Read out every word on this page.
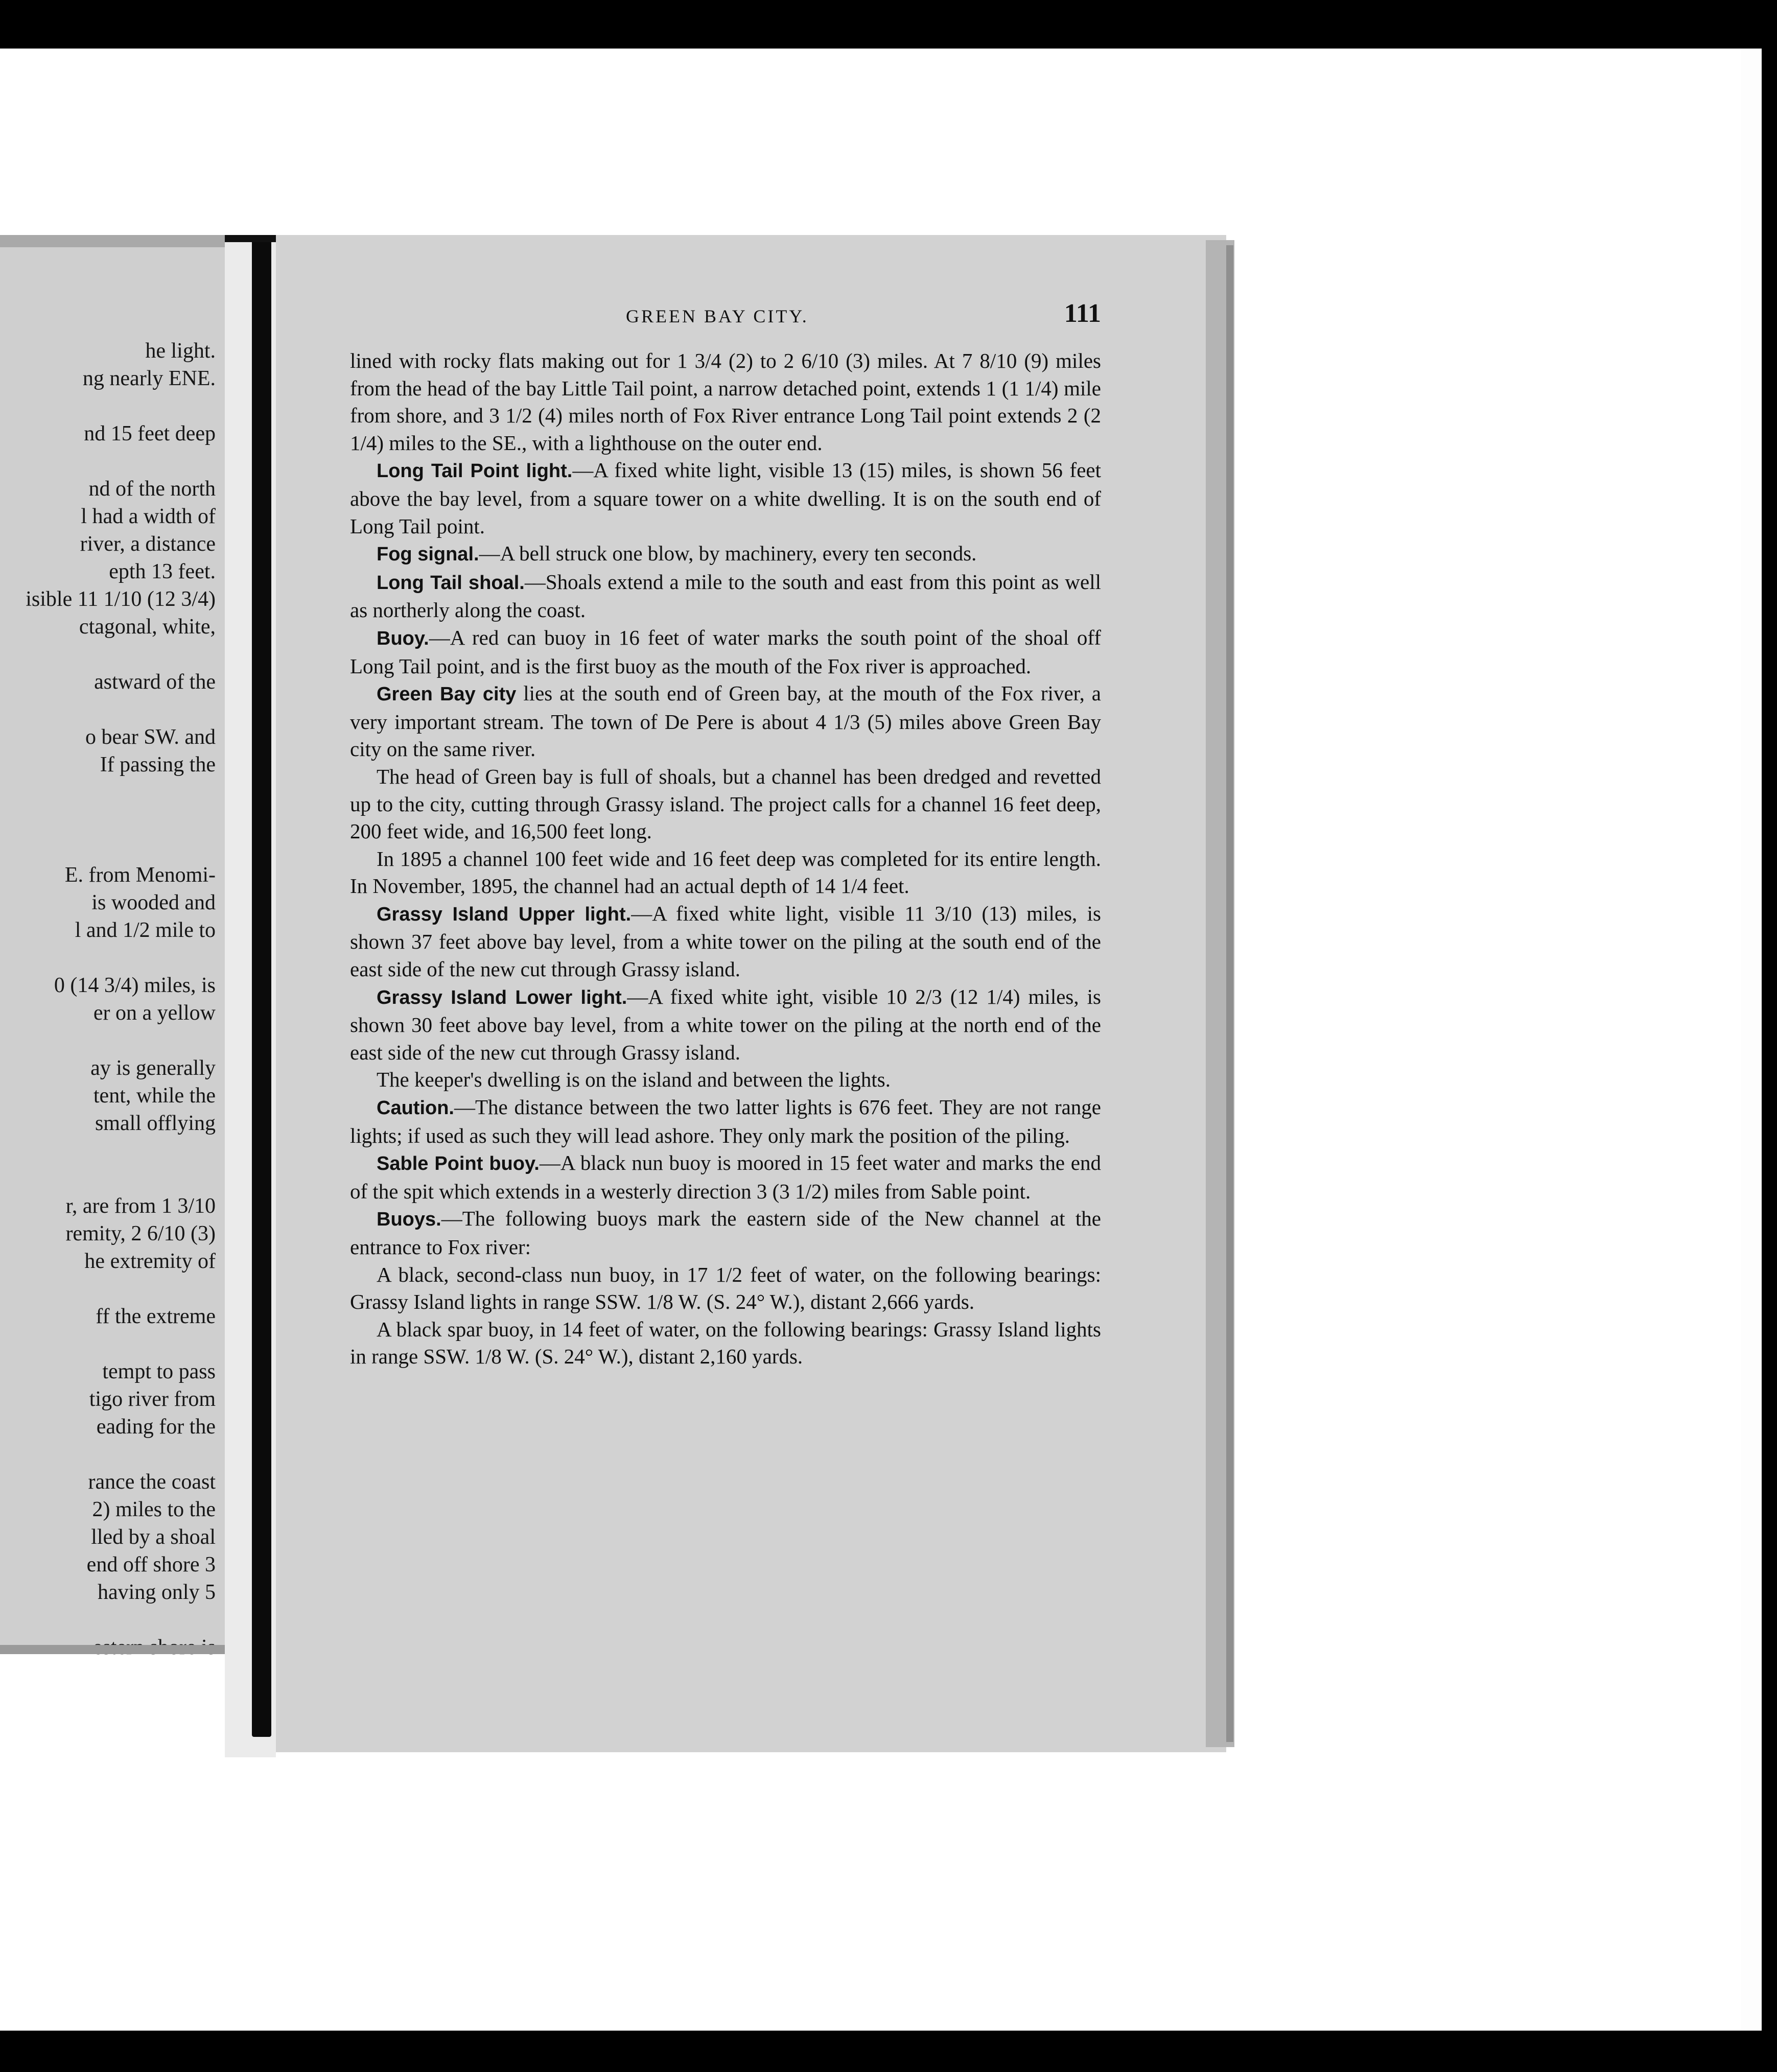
he light.
ng nearly ENE.
nd 15 feet deep
nd of the north
l had a width of
river, a distance
epth 13 feet.
isible 11 1/10 (12 3/4)
ctagonal, white,
astward of the
o bear SW. and
If passing the
E. from Menomi-
is wooded and
l and 1/2 mile to
0 (14 3/4) miles, is
er on a yellow
ay is generally
tent, while the
small offlying
r, are from 1 3/10
remity, 2 6/10 (3)
he extremity of
ff the extreme
tempt to pass
tigo river from
eading for the
rance the coast
2) miles to the
lled by a shoal
end off shore 3
having only 5
GREEN BAY CITY.	111

lined with rocky flats making out for 1 3/4 (2) to 2 6/10 (3) miles. At 7 8/10 (9) miles from the head of the bay Little Tail point, a narrow detached point, extends 1 (1 1/4) mile from shore, and 3 1/2 (4) miles north of Fox River entrance Long Tail point extends 2 (2 1/4) miles to the SE., with a lighthouse on the outer end.

Long Tail Point light.—A fixed white light, visible 13 (15) miles, is shown 56 feet above the bay level, from a square tower on a white dwelling. It is on the south end of Long Tail point.

Fog signal.—A bell struck one blow, by machinery, every ten seconds.

Long Tail shoal.—Shoals extend a mile to the south and east from this point as well as northerly along the coast.

Buoy.—A red can buoy in 16 feet of water marks the south point of the shoal off Long Tail point, and is the first buoy as the mouth of the Fox river is approached.

Green Bay city lies at the south end of Green bay, at the mouth of the Fox river, a very important stream. The town of De Pere is about 4 1/3 (5) miles above Green Bay city on the same river.

The head of Green bay is full of shoals, but a channel has been dredged and revetted up to the city, cutting through Grassy island. The project calls for a channel 16 feet deep, 200 feet wide, and 16,500 feet long.

In 1895 a channel 100 feet wide and 16 feet deep was completed for its entire length. In November, 1895, the channel had an actual depth of 14 1/4 feet.

Grassy Island Upper light.—A fixed white light, visible 11 3/10 (13) miles, is shown 37 feet above bay level, from a white tower on the piling at the south end of the east side of the new cut through Grassy island.

Grassy Island Lower light.—A fixed white ight, visible 10 2/3 (12 1/4) miles, is shown 30 feet above bay level, from a white tower on the piling at the north end of the east side of the new cut through Grassy island.

The keeper's dwelling is on the island and between the lights.

Caution.—The distance between the two latter lights is 676 feet. They are not range lights; if used as such they will lead ashore. They only mark the position of the piling.

Sable Point buoy.—A black nun buoy is moored in 15 feet water and marks the end of the spit which extends in a westerly direction 3 (3 1/2) miles from Sable point.

Buoys.—The following buoys mark the eastern side of the New channel at the entrance to Fox river:

A black, second-class nun buoy, in 17 1/2 feet of water, on the following bearings: Grassy Island lights in range SSW. 1/8 W. (S. 24° W.), distant 2,666 yards.

A black spar buoy, in 14 feet of water, on the following bearings: Grassy Island lights in range SSW. 1/8 W. (S. 24° W.), distant 2,160 yards.
